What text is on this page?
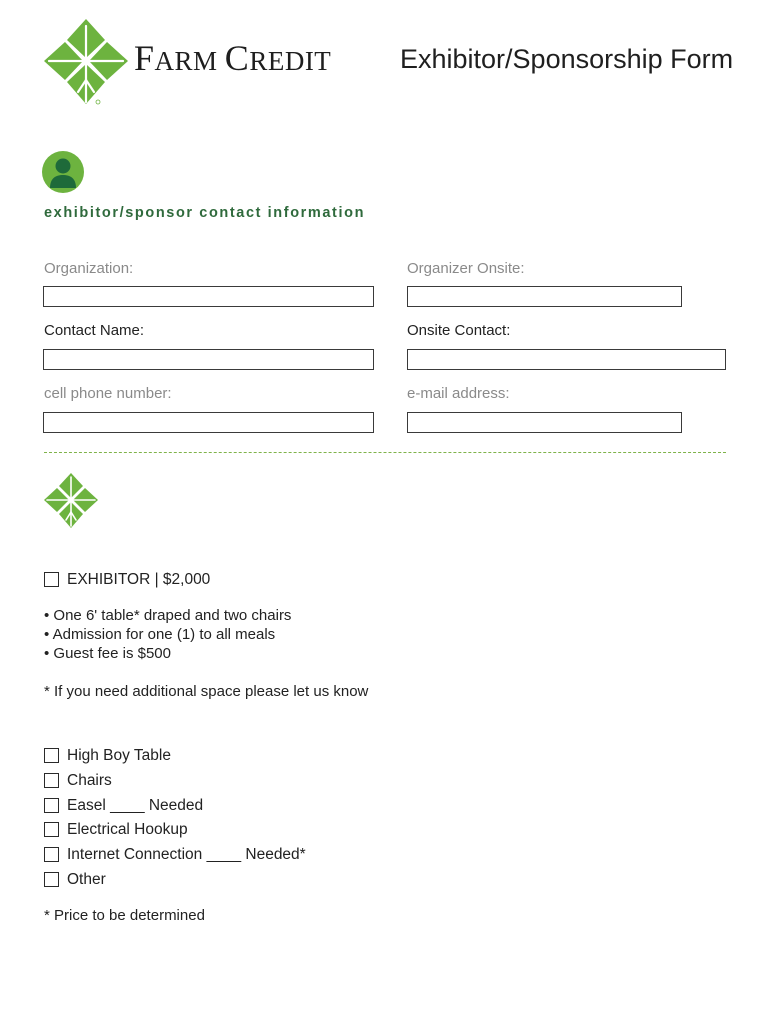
FARM CREDIT	Exhibitor/Sponsorship Form
exhibitor/sponsor contact information
Organization:	Organizer Onsite:
Contact Name:	Onsite Contact:
cell phone number:	e-mail address:
EXHIBITOR | $2,000
• One 6' table* draped and two chairs
• Admission for one (1) to all meals
• Guest fee is $500
* If you need additional space please let us know
High Boy Table
Chairs
Easel ____ Needed
Electrical Hookup
Internet Connection ____ Needed*
Other
* Price to be determined
